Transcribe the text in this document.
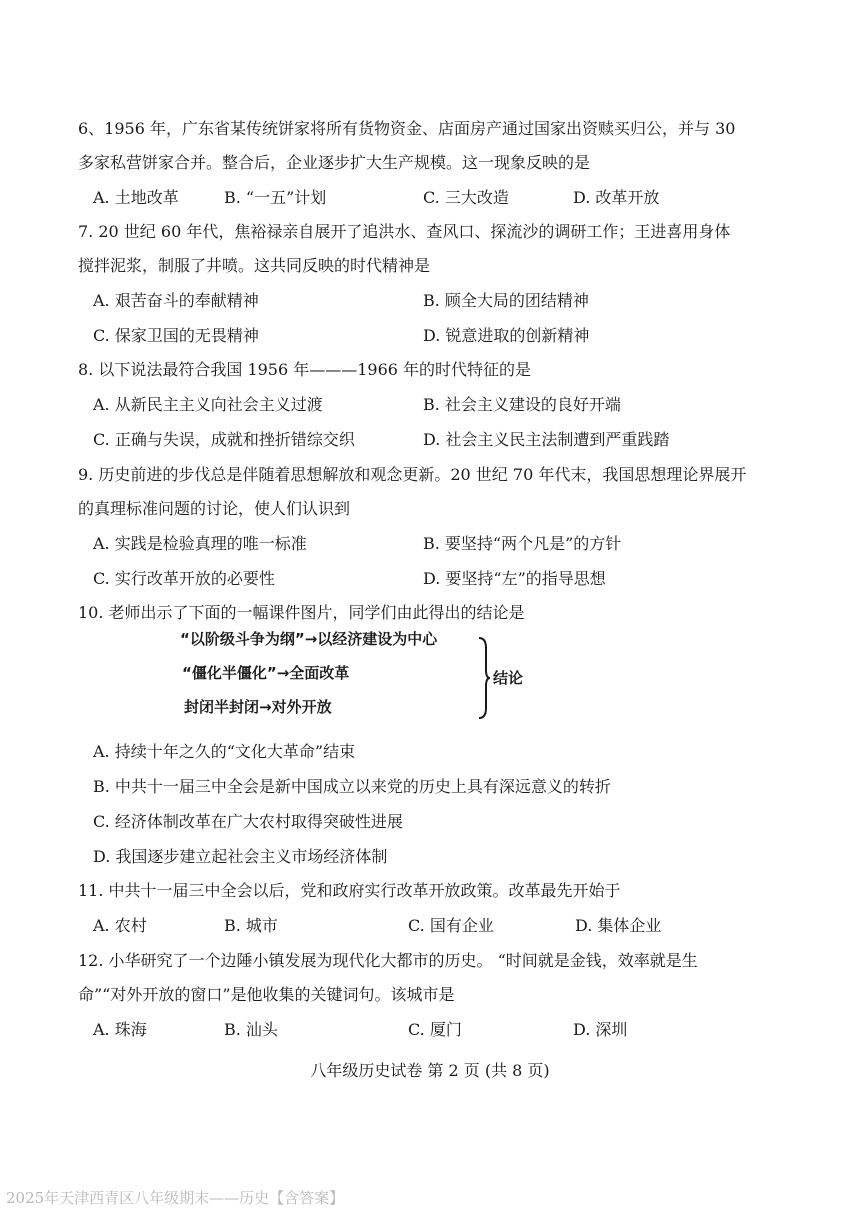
6、1956 年，广东省某传统饼家将所有货物资金、店面房产通过国家出资赎买归公，并与 30
多家私营饼家合并。整合后，企业逐步扩大生产规模。这一现象反映的是
A. 土地改革	B. “一五”计划	C. 三大改造	D. 改革开放
7. 20 世纪 60 年代，焦裕禄亲自展开了追洪水、查风口、探流沙的调研工作；王进喜用身体
搅拌泥浆，制服了井喷。这共同反映的时代精神是
A. 艰苦奋斗的奉献精神	B. 顾全大局的团结精神
C. 保家卫国的无畏精神	D. 锐意进取的创新精神
8. 以下说法最符合我国 1956 年———1966 年的时代特征的是
A. 从新民主主义向社会主义过渡	B. 社会主义建设的良好开端
C. 正确与失误，成就和挫折错综交织	D. 社会主义民主法制遭到严重践踏
9. 历史前进的步伐总是伴随着思想解放和观念更新。20 世纪 70 年代末，我国思想理论界展开
的真理标准问题的讨论，使人们认识到
A. 实践是检验真理的唯一标准	B. 要坚持“两个凡是”的方针
C. 实行改革开放的必要性	D. 要坚持“左”的指导思想
10. 老师出示了下面的一幅课件图片，同学们由此得出的结论是
“以阶级斗争为纲”→以经济建设为中心
“僵化半僵化”→全面改革
封闭半封闭→对外开放
结论
A. 持续十年之久的“文化大革命”结束
B. 中共十一届三中全会是新中国成立以来党的历史上具有深远意义的转折
C. 经济体制改革在广大农村取得突破性进展
D. 我国逐步建立起社会主义市场经济体制
11. 中共十一届三中全会以后，党和政府实行改革开放政策。改革最先开始于
A. 农村	B. 城市	C. 国有企业	D. 集体企业
12. 小华研究了一个边陲小镇发展为现代化大都市的历史。 “时间就是金钱，效率就是生
命”“对外开放的窗口”是他收集的关键词句。该城市是
A. 珠海	B. 汕头	C. 厦门	D. 深圳
八年级历史试卷 第 2 页 (共 8 页)
2025年天津西青区八年级期末——历史【含答案】
